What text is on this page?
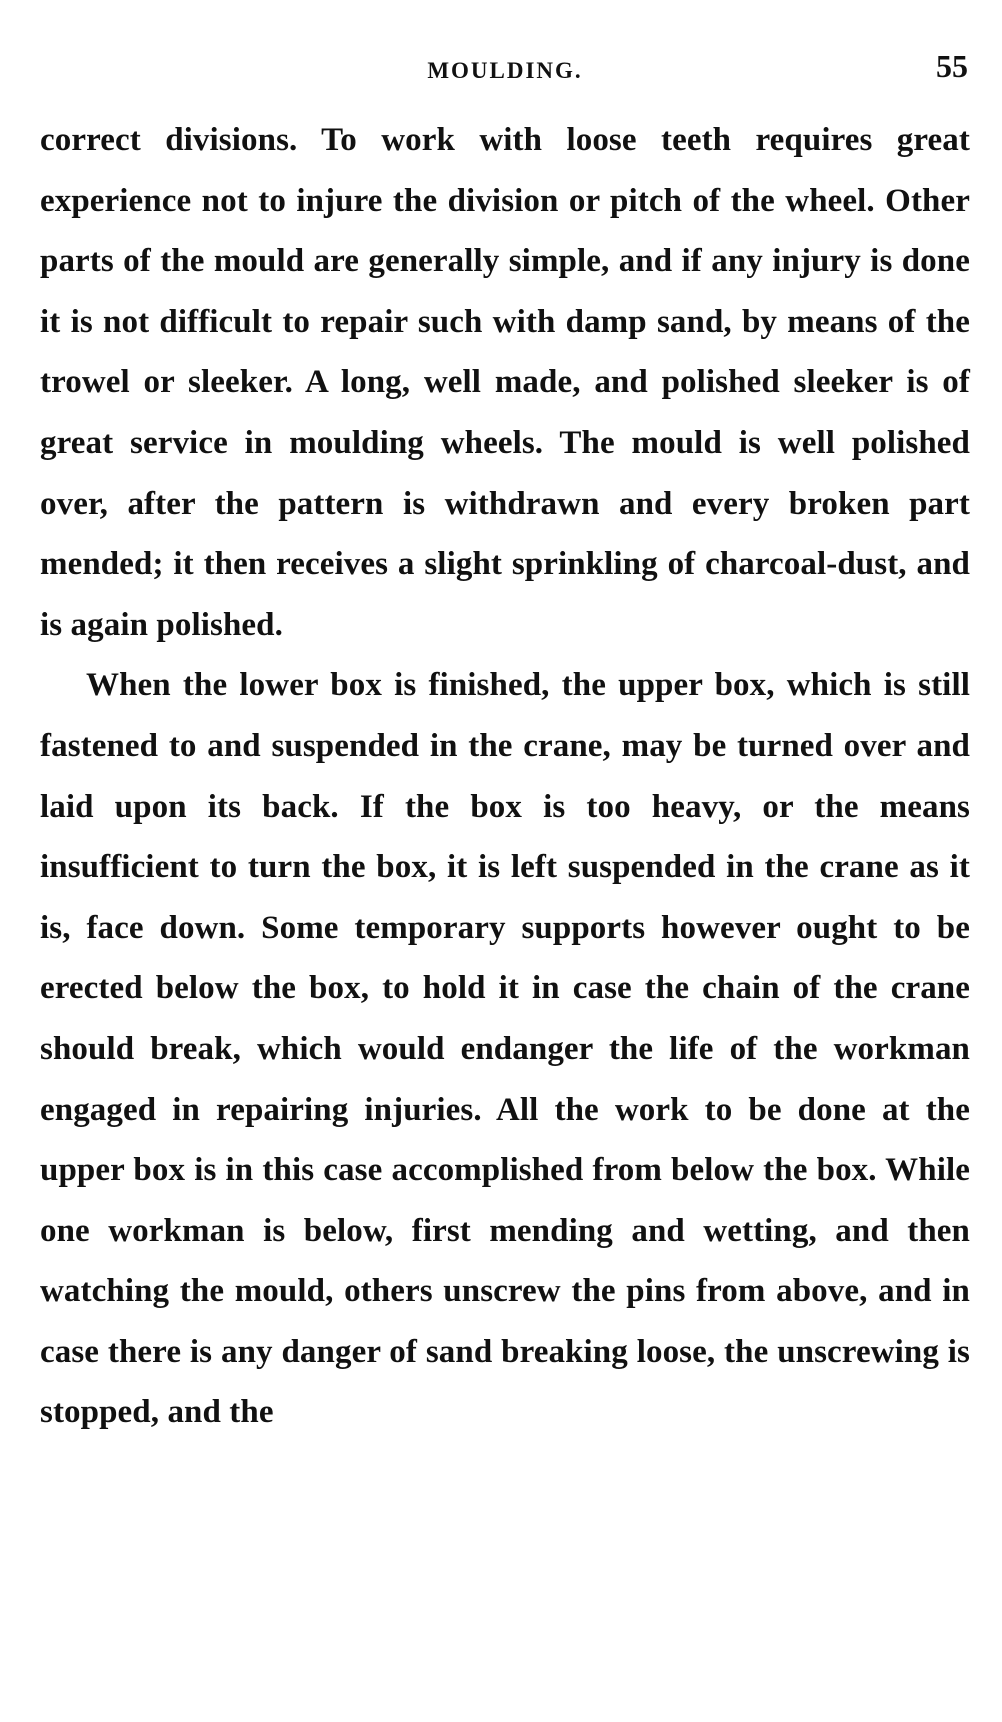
MOULDING.	55

correct divisions. To work with loose teeth requires great experience not to injure the division or pitch of the wheel. Other parts of the mould are generally simple, and if any injury is done it is not difficult to repair such with damp sand, by means of the trowel or sleeker. A long, well made, and polished sleeker is of great service in moulding wheels. The mould is well polished over, after the pattern is withdrawn and every broken part mended; it then receives a slight sprinkling of charcoal-dust, and is again polished.

When the lower box is finished, the upper box, which is still fastened to and suspended in the crane, may be turned over and laid upon its back. If the box is too heavy, or the means insufficient to turn the box, it is left suspended in the crane as it is, face down. Some temporary supports however ought to be erected below the box, to hold it in case the chain of the crane should break, which would endanger the life of the workman engaged in repairing injuries. All the work to be done at the upper box is in this case accomplished from below the box. While one workman is below, first mending and wetting, and then watching the mould, others unscrew the pins from above, and in case there is any danger of sand breaking loose, the unscrewing is stopped, and the
